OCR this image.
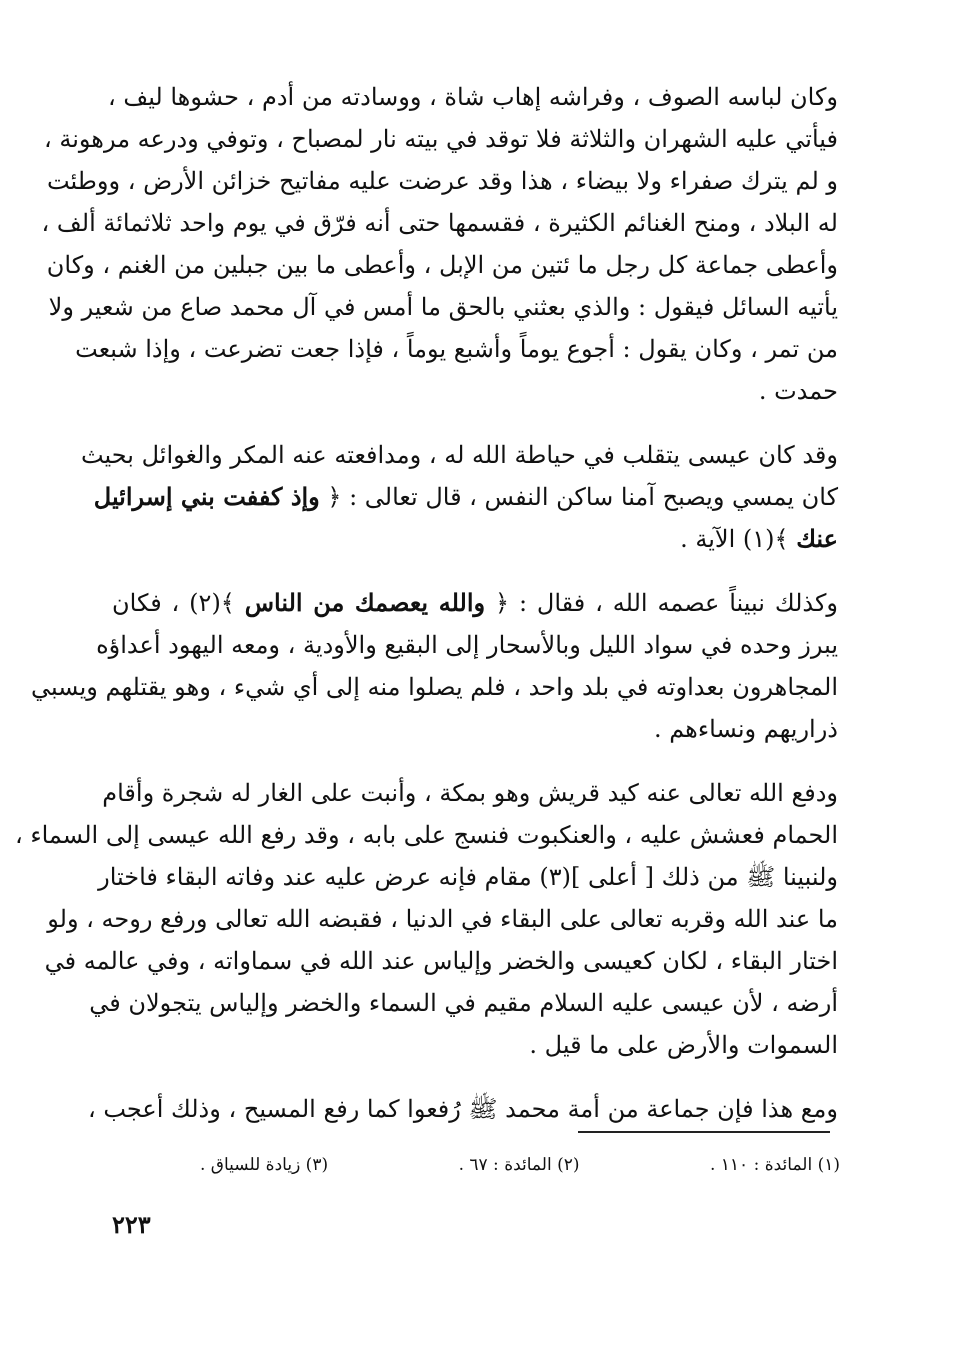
وكان لباسه الصوف ، وفراشه إهاب شاة ، ووسادته من أدم ، حشوها ليف ،
فيأتي عليه الشهران والثلاثة فلا توقد في بيته نار لمصباح ، وتوفي ودرعه مرهونة ،
و لم يترك صفراء ولا بيضاء ، هذا وقد عرضت عليه مفاتيح خزائن الأرض ، ووطئت
له البلاد ، ومنح الغنائم الكثيرة ، فقسمها حتى أنه فرّق في يوم واحد ثلاثمائة ألف ،
وأعطى جماعة كل رجل ما ئتين من الإبل ، وأعطى ما بين جبلين من الغنم ، وكان
يأتيه السائل فيقول : والذي بعثني بالحق ما أمس في آل محمد صاع من شعير ولا
من تمر ، وكان يقول : أجوع يوماً وأشبع يوماً ، فإذا جعت تضرعت ، وإذا شبعت
حمدت .
وقد كان عيسى يتقلب في حياطة الله له ، ومدافعته عنه المكر والغوائل بحيث
كان يمسي ويصبح آمنا ساكن النفس ، قال تعالى : ﴿ وإذ كففت بني إسرائيل
عنك ﴾(١) الآية .
وكذلك نبيناً عصمه الله ، فقال : ﴿ والله يعصمك من الناس ﴾(٢) ، فكان
يبرز وحده في سواد الليل وبالأسحار إلى البقيع والأودية ، ومعه اليهود أعداؤه
المجاهرون بعداوته في بلد واحد ، فلم يصلوا منه إلى أي شيء ، وهو يقتلهم ويسبي
ذراريهم ونساءهم .
ودفع الله تعالى عنه كيد قريش وهو بمكة ، وأنبت على الغار له شجرة وأقام
الحمام فعشش عليه ، والعنكبوت فنسج على بابه ، وقد رفع الله عيسى إلى السماء ،
ولنبينا ﷺ من ذلك [ أعلى ](٣) مقام فإنه عرض عليه عند وفاته البقاء فاختار
ما عند الله وقربه تعالى على البقاء في الدنيا ، فقبضه الله تعالى ورفع روحه ، ولو
اختار البقاء ، لكان كعيسى والخضر وإلياس عند الله في سماواته ، وفي عالمه في
أرضه ، لأن عيسى عليه السلام مقيم في السماء والخضر وإلياس يتجولان في
السموات والأرض على ما قيل .
ومع هذا فإن جماعة من أمة محمد ﷺ رُفعوا كما رفع المسيح ، وذلك أعجب ،
(١) المائدة : ١١٠ .
(٢) المائدة : ٦٧ .
(٣) زيادة للسياق .
٢٢٣
